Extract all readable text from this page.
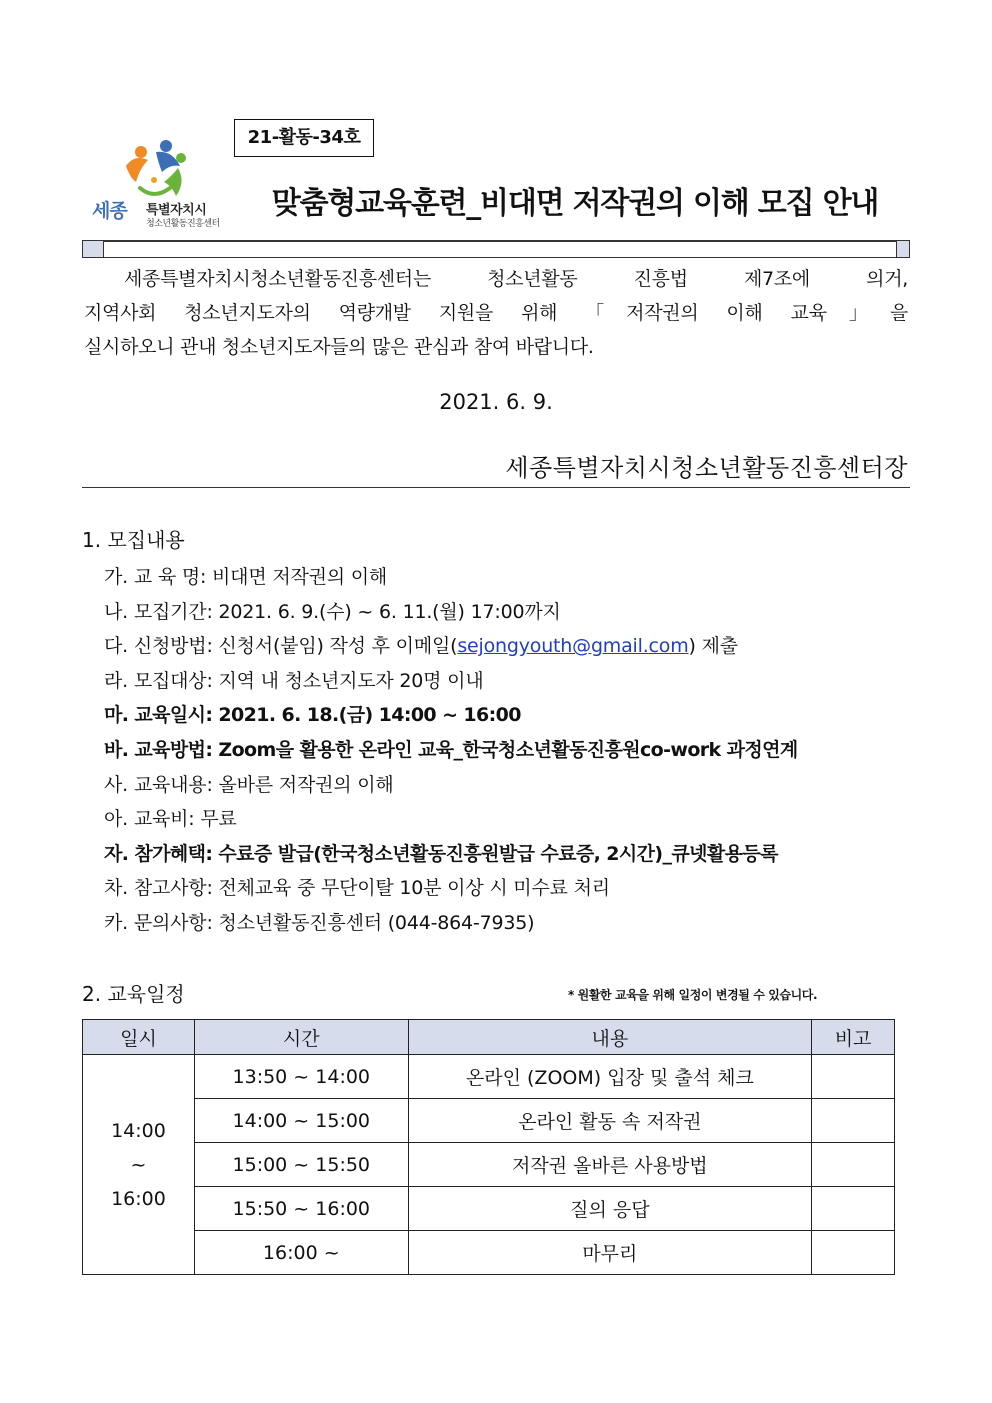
21-활동-34호
세종 특별자치시
청소년활동진흥센터
맞춤형교육훈련_비대면 저작권의 이해 모집 안내
세종특별자치시청소년활동진흥센터는 청소년활동 진흥법 제7조에 의거,
지역사회 청소년지도자의 역량개발 지원을 위해 「저작권의 이해 교육」을
실시하오니 관내 청소년지도자들의 많은 관심과 참여 바랍니다.
2021. 6. 9.
세종특별자치시청소년활동진흥센터장
1. 모집내용
가. 교 육 명: 비대면 저작권의 이해
나. 모집기간: 2021. 6. 9.(수) ~ 6. 11.(월) 17:00까지
다. 신청방법: 신청서(붙임) 작성 후 이메일(sejongyouth@gmail.com) 제출
라. 모집대상: 지역 내 청소년지도자 20명 이내
마. 교육일시: 2021. 6. 18.(금) 14:00 ~ 16:00
바. 교육방법: Zoom을 활용한 온라인 교육_한국청소년활동진흥원co-work 과정연계
사. 교육내용: 올바른 저작권의 이해
아. 교육비: 무료
자. 참가혜택: 수료증 발급(한국청소년활동진흥원발급 수료증, 2시간)_큐넷활용등록
차. 참고사항: 전체교육 중 무단이탈 10분 이상 시 미수료 처리
카. 문의사항: 청소년활동진흥센터 (044-864-7935)
2. 교육일정	* 원활한 교육을 위해 일정이 변경될 수 있습니다.
일시	시간	내용	비고

14:00
~
16:00	13:50 ~ 14:00	온라인 (ZOOM) 입장 및 출석 체크	
	14:00 ~ 15:00	온라인 활동 속 저작권	
	15:00 ~ 15:50	저작권 올바른 사용방법	
	15:50 ~ 16:00	질의 응답	
	16:00 ~	마무리	
